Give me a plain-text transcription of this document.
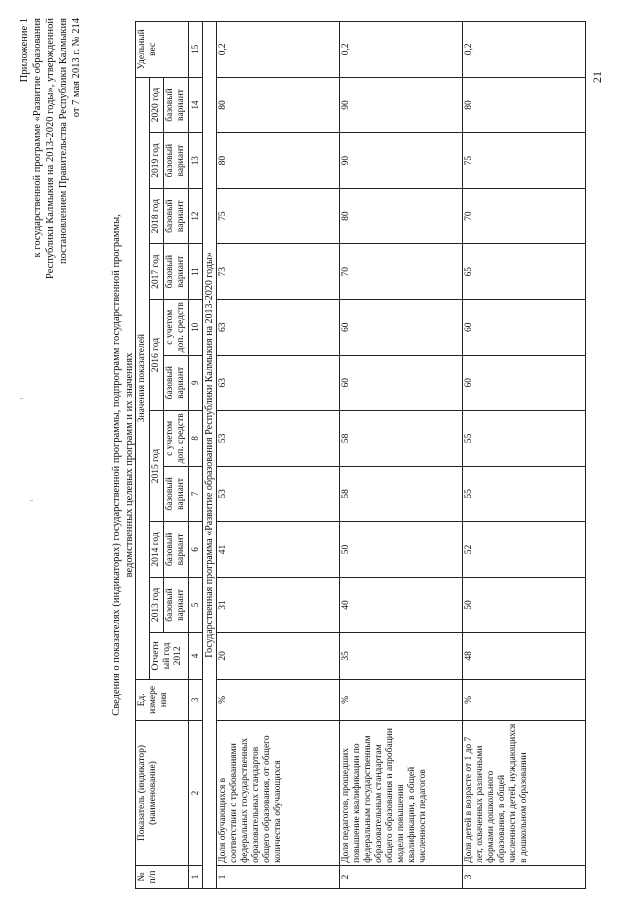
Приложение 1 к государственной программе «Развитие образования Республики Калмыкия на 2013-2020 годы», утвержденной постановлением Правительства Республики Калмыкия от 7 мая 2013 г. № 214
Сведения о показателях (индикаторах) государственной программы, подпрограмм государственной программы, ведомственных целевых программ и их значениях
№ п/п	Показатель (индикатор) (наименование)	Ед. измере ния	Значения показателей											Удельный вес
			Отчетн ый год 2012	2013 год	2014 год	2015 год		2016 год		2017 год	2018 год	2019 год	2020 год	
				базовый вариант	базовый вариант	базовый вариант	с учетом доп. средств	базовый вариант	с учетом доп. средств	базовый вариант	базовый вариант	базовый вариант	базовый вариант	
1	2	3	4	5	6	7	8	9	10	11	12	13	14	15
Государственная программа «Развитие образования Республики Калмыкия на 2013-2020 годы»														
1	Доля обучающихся в соответствии с требованиями федеральных государственных образовательных стандартов общего образования, от общего количества обучающихся	%	20	31	41	53	53	63	63	73	75	80	80	0,2
2	Доля педагогов, прошедших повышение квалификации по федеральным государственным образовательным стандартам общего образования и апробации модели повышения квалификации, в общей численности педагогов	%	35	40	50	58	58	60	60	70	80	90	90	0,2
3	Доля детей в возрасте от 1 до 7 лет, охваченных различными формами дошкольного образования, в общей численности детей, нуждающихся в дошкольном образовании	%	48	50	52	55	55	60	60	65	70	75	80	0,2
21
